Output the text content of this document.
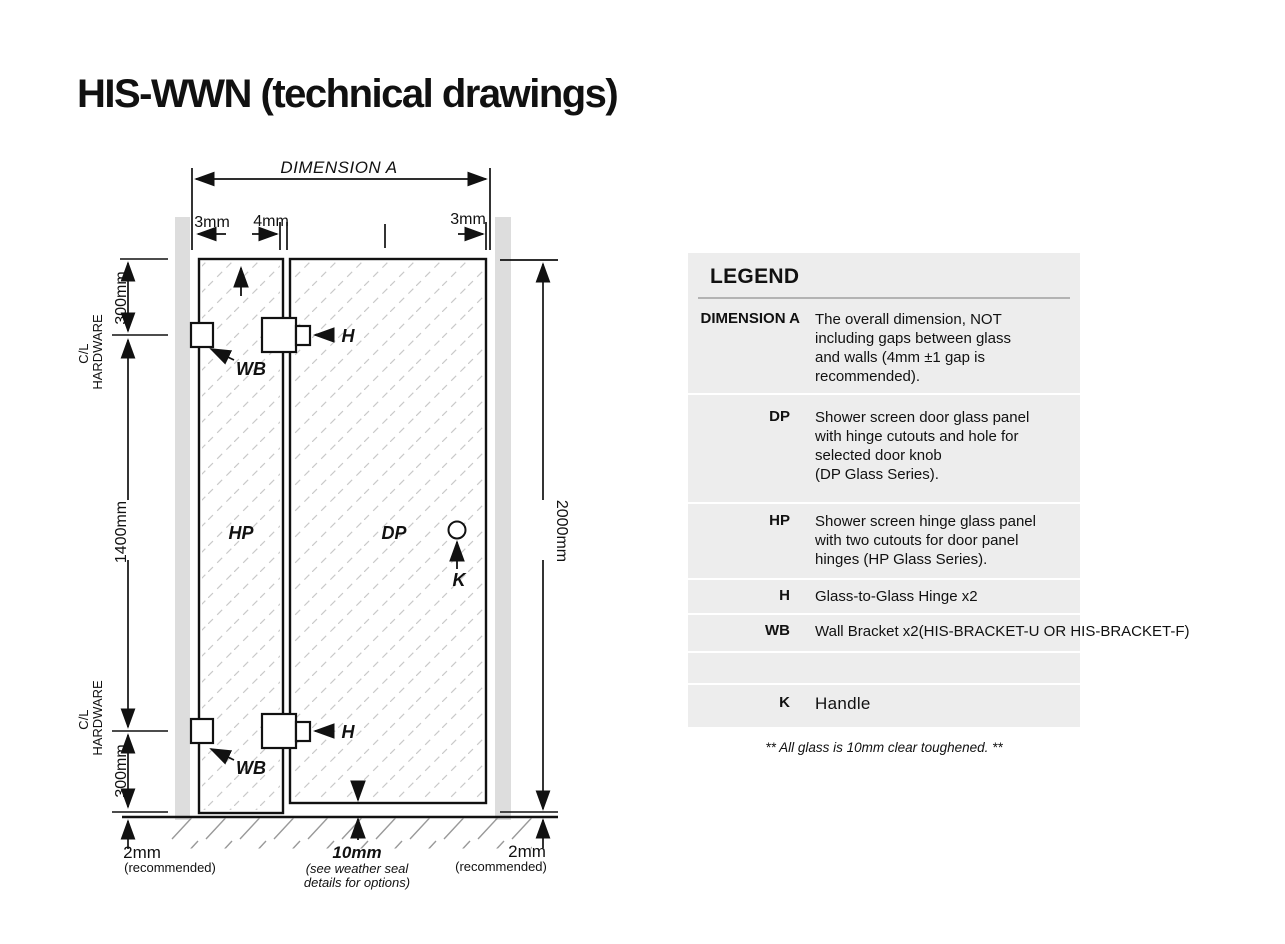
HIS-WWN (technical drawings)
DIMENSION A
3mm 4mm	3mm
300mm
C/L HARDWARE
1400mm
C/L HARDWARE
300mm
2000mm
WB
WB
H
H
HP	DP
K
2mm
(recommended)
10mm
(see weather seal
details for options)
2mm
(recommended)
LEGEND
DIMENSION A	The overall dimension, NOT
including gaps between glass
and walls (4mm ±1 gap is
recommended).
DP	Shower screen door glass panel
with hinge cutouts and hole for
selected door knob
(DP Glass Series).
HP	Shower screen hinge glass panel
with two cutouts for door panel
hinges (HP Glass Series).
H	Glass-to-Glass Hinge x2
WB	Wall Bracket x2(HIS-BRACKET-U OR HIS-BRACKET-F)
K	Handle
** All glass is 10mm clear toughened. **
